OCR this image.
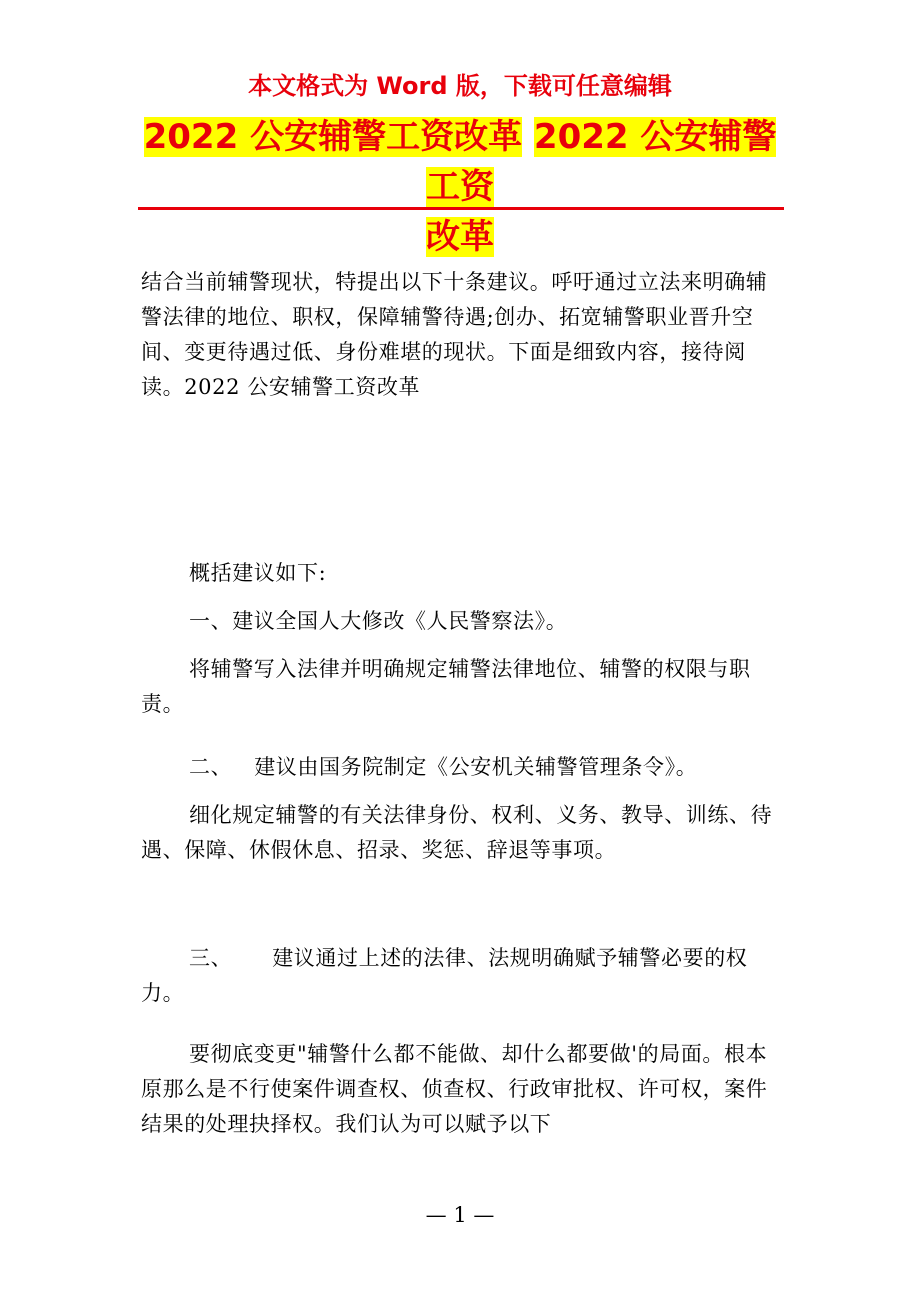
本文格式为 Word 版，下载可任意编辑

2022 公安辅警工资改革 2022 公安辅警工资
改革

结合当前辅警现状，特提出以下十条建议。呼吁通过立法来明确辅警法律的地位、职权，保障辅警待遇;创办、拓宽辅警职业晋升空间、变更待遇过低、身份难堪的现状。下面是细致内容，接待阅读。2022 公安辅警工资改革

概括建议如下:

一、建议全国人大修改《人民警察法》。

将辅警写入法律并明确规定辅警法律地位、辅警的权限与职责。

二、 建议由国务院制定《公安机关辅警管理条令》。

细化规定辅警的有关法律身份、权利、义务、教导、训练、待遇、保障、休假休息、招录、奖惩、辞退等事项。

三、 建议通过上述的法律、法规明确赋予辅警必要的权力。

要彻底变更"辅警什么都不能做、却什么都要做'的局面。根本原那么是不行使案件调查权、侦查权、行政审批权、许可权，案件结果的处理抉择权。我们认为可以赋予以下

— 1 —
